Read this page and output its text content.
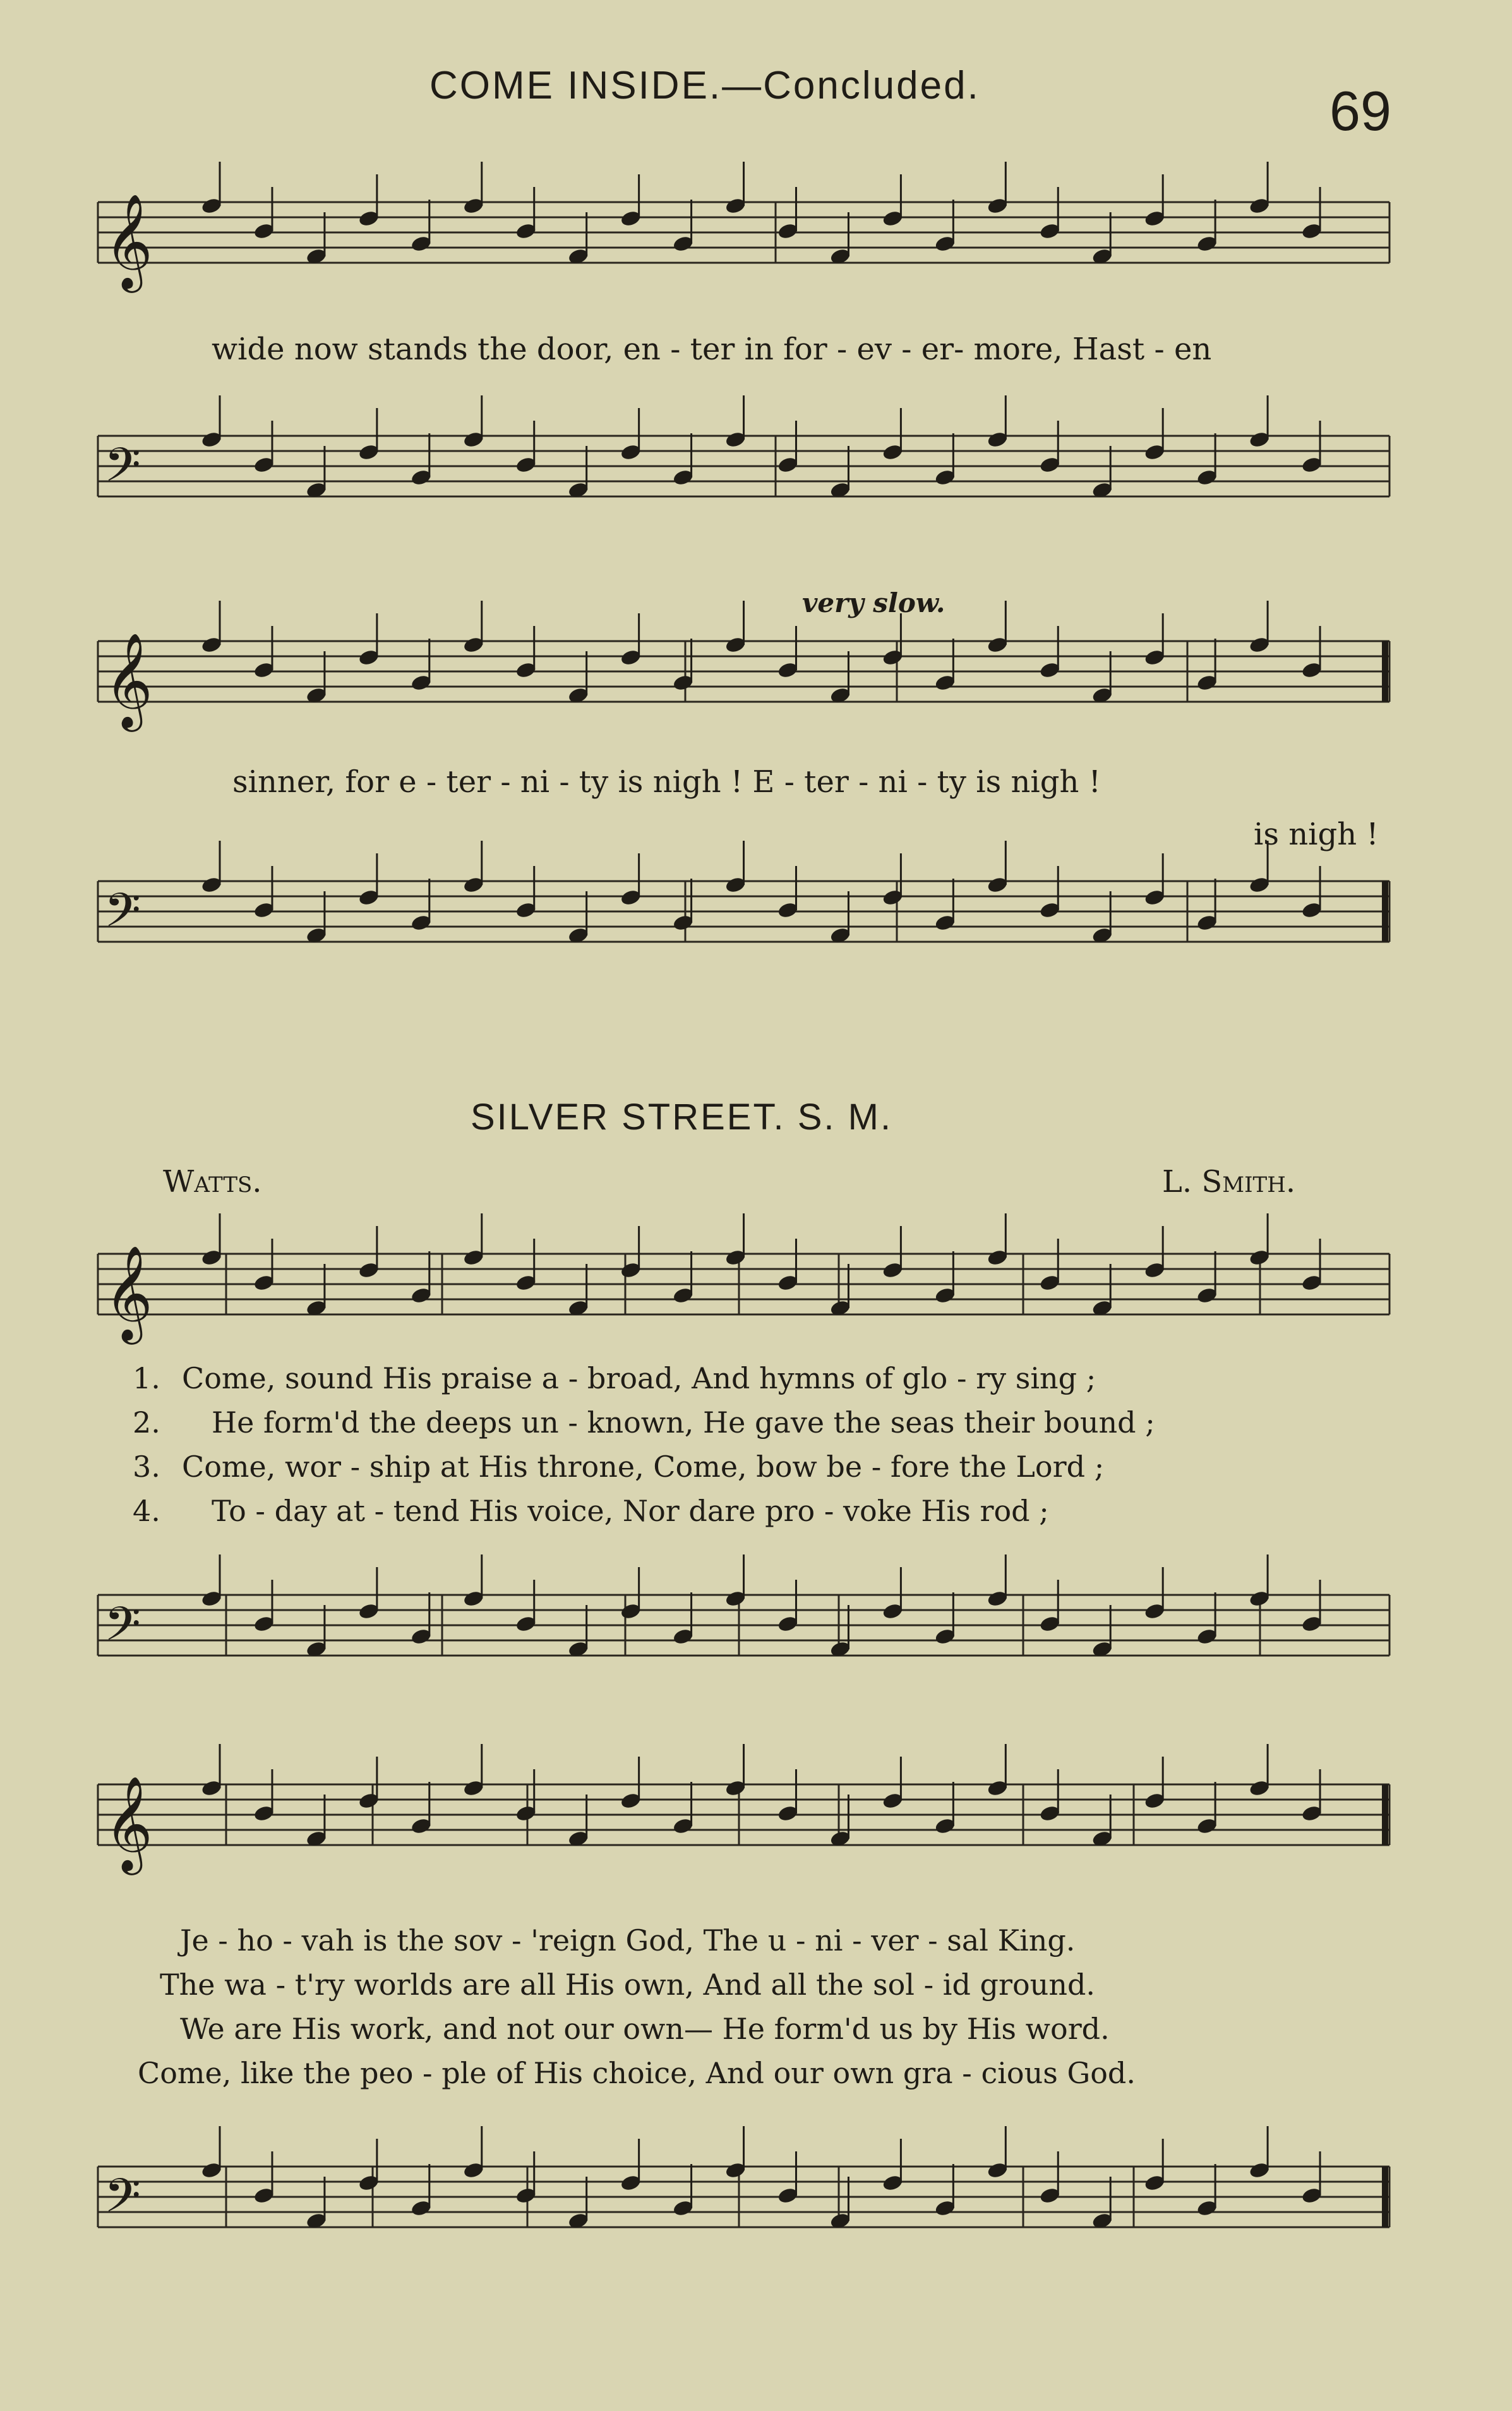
COME INSIDE.—Concluded.	69
𝄞
𝄢
𝄞
𝄢
𝄞
𝄢
𝄞
𝄢
wide now stands the door, en - ter in for - ev - er- more, Hast - en
very slow.
sinner, for e - ter - ni - ty is nigh ! E - ter - ni - ty is nigh !
is nigh !
SILVER STREET. S. M.
Watts.	L. Smith.

1.

Come, sound His praise a - broad, And hymns of glo - ry sing ;

2.

He form'd the deeps un - known, He gave the seas their bound ;

3.

Come, wor - ship at His throne, Come, bow be - fore the Lord ;

4.

To - day at - tend His voice, Nor dare pro - voke His rod ;

Je - ho - vah is the sov - 'reign God, The u - ni - ver - sal King.
The wa - t'ry worlds are all His own, And all the sol - id ground.
We are His work, and not our own— He form'd us by His word.
Come, like the peo - ple of His choice, And our own gra - cious God.
